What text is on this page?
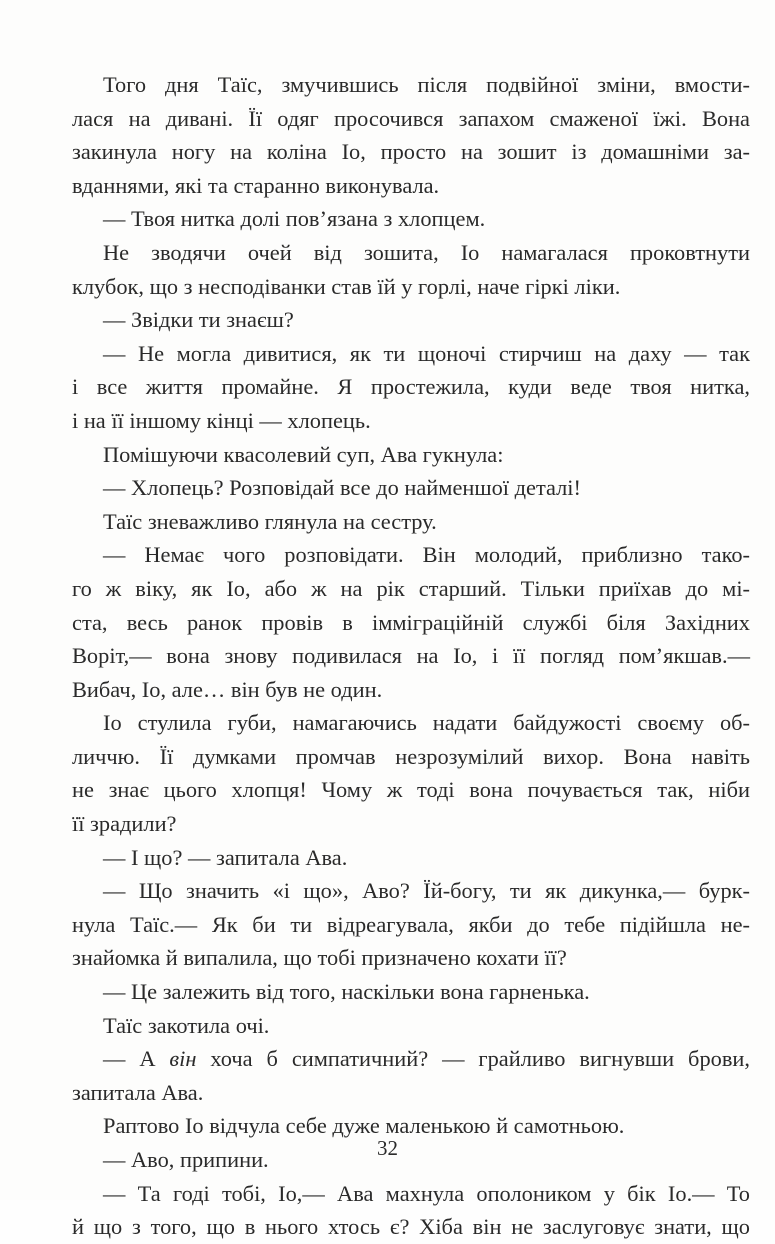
Того дня Таїс, змучившись після подвійної зміни, вмости-
лася на дивані. Її одяг просочився запахом смаженої їжі. Вона
закинула ногу на коліна Іо, просто на зошит із домашніми за-
вданнями, які та старанно виконувала.
— Твоя нитка долі пов’язана з хлопцем.
Не зводячи очей від зошита, Іо намагалася проковтнути
клубок, що з несподіванки став їй у горлі, наче гіркі ліки.
— Звідки ти знаєш?
— Не могла дивитися, як ти щоночі стирчиш на даху — так
і все життя промайне. Я простежила, куди веде твоя нитка,
і на її іншому кінці — хлопець.
Помішуючи квасолевий суп, Ава гукнула:
— Хлопець? Розповідай все до найменшої деталі!
Таїс зневажливо глянула на сестру.
— Немає чого розповідати. Він молодий, приблизно тако-
го ж віку, як Іо, або ж на рік старший. Тільки приїхав до мі-
ста, весь ранок провів в імміграційній службі біля Західних
Воріт,— вона знову подивилася на Іо, і її погляд пом’якшав.—
Вибач, Іо, але… він був не один.
Іо стулила губи, намагаючись надати байдужості своєму об-
личчю. Її думками промчав незрозумілий вихор. Вона навіть
не знає цього хлопця! Чому ж тоді вона почувається так, ніби
її зрадили?
— І що? — запитала Ава.
— Що значить «і що», Аво? Їй-богу, ти як дикунка,— бурк-
нула Таїс.— Як би ти відреагувала, якби до тебе підійшла не-
знайомка й випалила, що тобі призначено кохати її?
— Це залежить від того, наскільки вона гарненька.
Таїс закотила очі.
— А він хоча б симпатичний? — грайливо вигнувши брови,
запитала Ава.
Раптово Іо відчула себе дуже маленькою й самотньою.
— Аво, припини.
— Та годі тобі, Іо,— Ава махнула ополоником у бік Іо.— То
й що з того, що в нього хтось є? Хіба він не заслуговує знати, що
32
